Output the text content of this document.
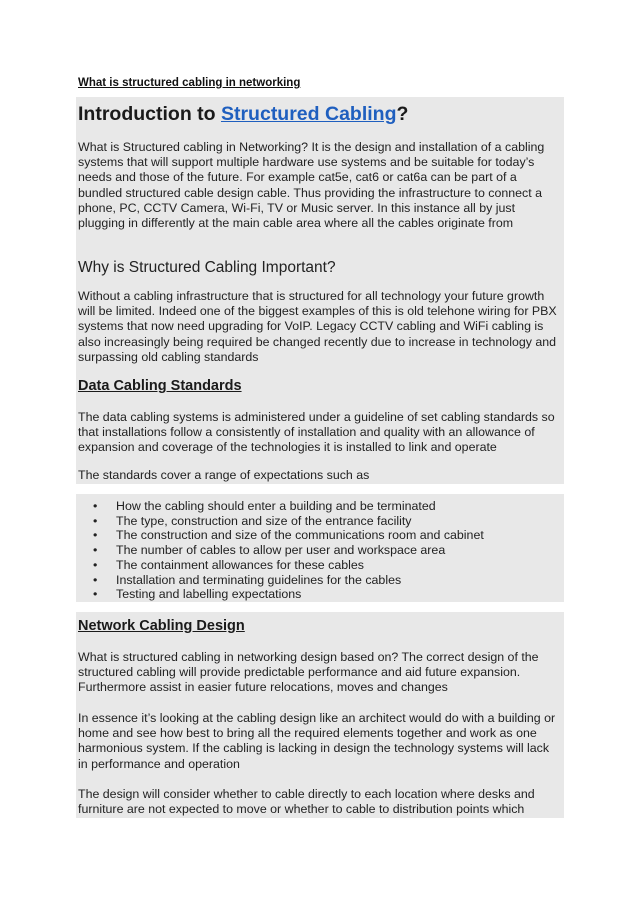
What is structured cabling in networking
Introduction to Structured Cabling?

What is Structured cabling in Networking? It is the design and installation of a cabling systems that will support multiple hardware use systems and be suitable for today’s needs and those of the future. For example cat5e, cat6 or cat6a can be part of a bundled structured cable design cable. Thus providing the infrastructure to connect a phone, PC, CCTV Camera, Wi-Fi, TV or Music server. In this instance all by just plugging in differently at the main cable area where all the cables originate from

Why is Structured Cabling Important?

Without a cabling infrastructure that is structured for all technology your future growth will be limited. Indeed one of the biggest examples of this is old telehone wiring for PBX systems that now need upgrading for VoIP. Legacy CCTV cabling and WiFi cabling is also increasingly being required be changed recently due to increase in technology and surpassing old cabling standards

Data Cabling Standards

The data cabling systems is administered under a guideline of set cabling standards so that installations follow a consistently of installation and quality with an allowance of expansion and coverage of the technologies it is installed to link and operate

The standards cover a range of expectations such as

• How the cabling should enter a building and be terminated
• The type, construction and size of the entrance facility
• The construction and size of the communications room and cabinet
• The number of cables to allow per user and workspace area
• The containment allowances for these cables
• Installation and terminating guidelines for the cables
• Testing and labelling expectations
Network Cabling Design

What is structured cabling in networking design based on? The correct design of the structured cabling will provide predictable performance and aid future expansion. Furthermore assist in easier future relocations, moves and changes

In essence it’s looking at the cabling design like an architect would do with a building or home and see how best to bring all the required elements together and work as one harmonious system. If the cabling is lacking in design the technology systems will lack in performance and operation

The design will consider whether to cable directly to each location where desks and furniture are not expected to move or whether to cable to distribution points which
